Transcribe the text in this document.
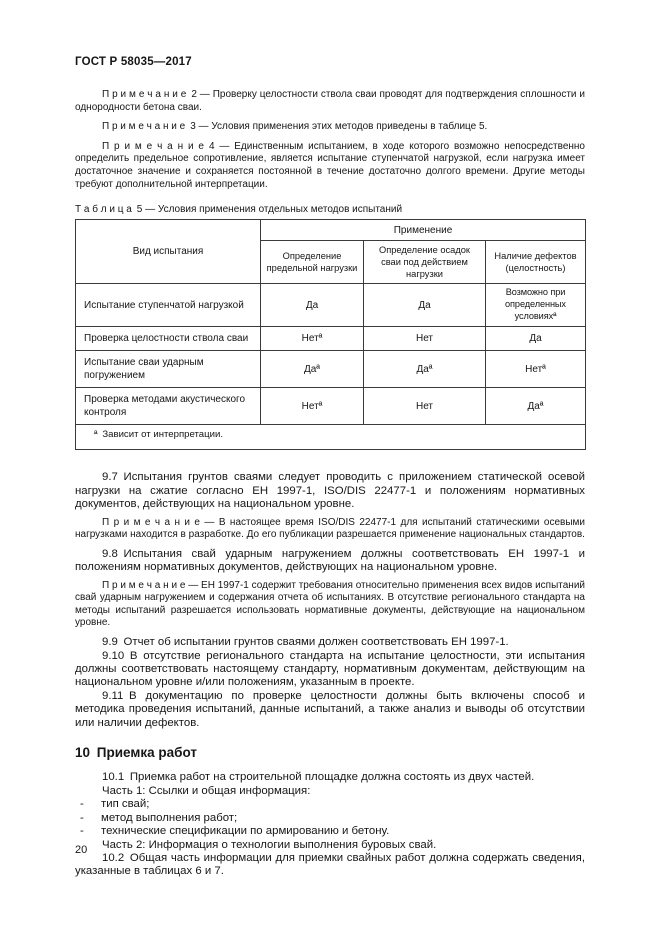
ГОСТ Р 58035—2017

П р и м е ч а н и е 2 — Проверку целостности ствола сваи проводят для подтверждения сплошности и однородности бетона сваи.

П р и м е ч а н и е 3 — Условия применения этих методов приведены в таблице 5.

П р и м е ч а н и е 4 — Единственным испытанием, в ходе которого возможно непосредственно определить предельное сопротивление, является испытание ступенчатой нагрузкой, если нагрузка имеет достаточное значение и сохраняется постоянной в течение достаточно долгого времени. Другие методы требуют дополнительной интерпретации.

Т а б л и ц а 5 — Условия применения отдельных методов испытаний

Вид испытания	Применение		
	Определение предельной нагрузки	Определение осадок сваи под действием нагрузки	Наличие дефектов (целостность)
Испытание ступенчатой нагрузкой	Да	Да	Возможно при определенных условияхª
Проверка целостности ствола сваи	Нетª	Нет	Да
Испытание сваи ударным погружением	Даª	Даª	Нетª
Проверка методами акустического контроля	Нетª	Нет	Даª
ª Зависит от интерпретации.			

9.7 Испытания грунтов сваями следует проводить с приложением статической осевой нагрузки на сжатие согласно ЕН 1997-1, ISO/DIS 22477-1 и положениям нормативных документов, действующих на национальном уровне.

П р и м е ч а н и е — В настоящее время ISO/DIS 22477-1 для испытаний статическими осевыми нагрузками находится в разработке. До его публикации разрешается применение национальных стандартов.

9.8 Испытания свай ударным нагружением должны соответствовать ЕН 1997-1 и положениям нормативных документов, действующих на национальном уровне.

П р и м е ч а н и е — ЕН 1997-1 содержит требования относительно применения всех видов испытаний свай ударным нагружением и содержания отчета об испытаниях. В отсутствие регионального стандарта на методы испытаний разрешается использовать нормативные документы, действующие на национальном уровне.

9.9 Отчет об испытании грунтов сваями должен соответствовать ЕН 1997-1.

9.10 В отсутствие регионального стандарта на испытание целостности, эти испытания должны соответствовать настоящему стандарту, нормативным документам, действующим на национальном уровне и/или положениям, указанным в проекте.

9.11 В документацию по проверке целостности должны быть включены способ и методика проведения испытаний, данные испытаний, а также анализ и выводы об отсутствии или наличии дефектов.

10 Приемка работ

10.1 Приемка работ на строительной площадке должна состоять из двух частей.

Часть 1: Ссылки и общая информация:

- тип свай;
- метод выполнения работ;
- технические спецификации по армированию и бетону.

Часть 2: Информация о технологии выполнения буровых свай.

10.2 Общая часть информации для приемки свайных работ должна содержать сведения, указанные в таблицах 6 и 7.

20
